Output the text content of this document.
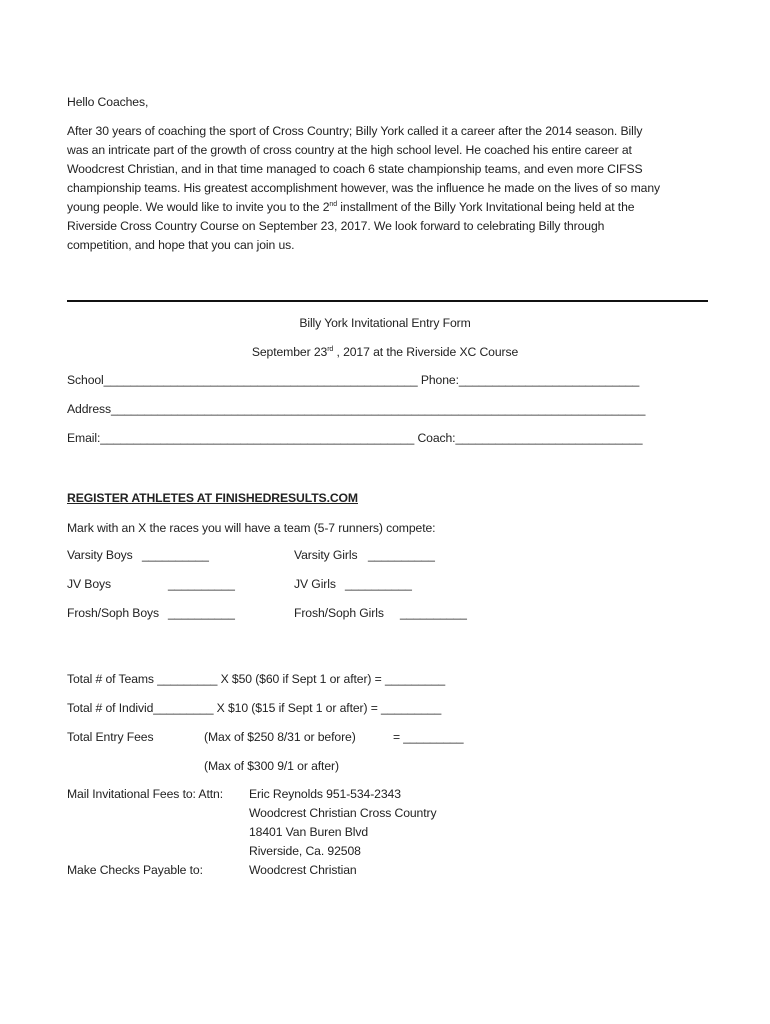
Hello Coaches,
After 30 years of coaching the sport of Cross Country; Billy York called it a career after the 2014 season. Billy
was an intricate part of the growth of cross country at the high school level. He coached his entire career at
Woodcrest Christian, and in that time managed to coach 6 state championship teams, and even more CIFSS
championship teams. His greatest accomplishment however, was the influence he made on the lives of so many
young people. We would like to invite you to the 2nd installment of the Billy York Invitational being held at the
Riverside Cross Country Course on September 23, 2017. We look forward to celebrating Billy through
competition, and hope that you can join us.
Billy York Invitational Entry Form
September 23rd , 2017 at the Riverside XC Course
School_______________________________________________ Phone:___________________________
Address________________________________________________________________________________
Email:_______________________________________________ Coach:____________________________
REGISTER ATHLETES AT FINISHEDRESULTS.COM
Mark with an X the races you will have a team (5-7 runners) compete:
Varsity Boys __________	Varsity Girls __________
JV Boys	__________	JV Girls __________
Frosh/Soph Boys __________	Frosh/Soph Girls __________
Total # of Teams _________ X $50 ($60 if Sept 1 or after) = _________
Total # of Individ_________ X $10 ($15 if Sept 1 or after) = _________
Total Entry Fees	(Max of $250 8/31 or before)	= _________
(Max of $300 9/1 or after)
Mail Invitational Fees to: Attn: Eric Reynolds 951-534-2343
Woodcrest Christian Cross Country
18401 Van Buren Blvd
Riverside, Ca. 92508
Make Checks Payable to:	Woodcrest Christian
